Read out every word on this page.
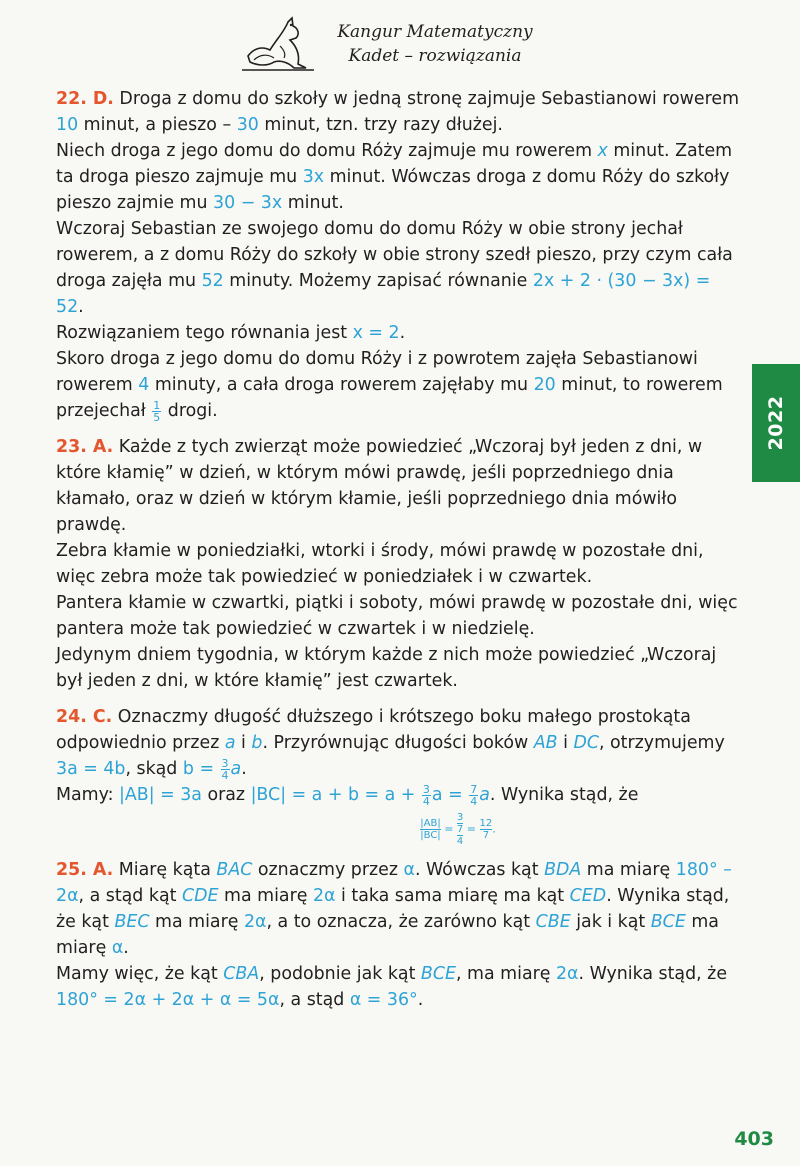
Kangur Matematyczny
Kadet – rozwiązania
2022

22. D. Droga z domu do szkoły w jedną stronę zajmuje Sebastianowi rowerem 10 minut, a pieszo – 30 minut, tzn. trzy razy dłużej.

Niech droga z jego domu do domu Róży zajmuje mu rowerem x minut. Zatem ta droga pieszo zajmuje mu 3x minut. Wówczas droga z domu Róży do szkoły pieszo zajmie mu 30 − 3x minut.

Wczoraj Sebastian ze swojego domu do domu Róży w obie strony jechał rowerem, a z domu Róży do szkoły w obie strony szedł pieszo, przy czym cała droga zajęła mu 52 minuty. Możemy zapisać równanie 2x + 2 · (30 − 3x) = 52.

Rozwiązaniem tego równania jest x = 2.

Skoro droga z jego domu do domu Róży i z powrotem zajęła Sebastianowi rowerem 4 minuty, a cała droga rowerem zajęłaby mu 20 minut, to rowerem przejechał $\frac{1}{5}$ drogi.

23. A. Każde z tych zwierząt może powiedzieć „Wczoraj był jeden z dni, w które kłamię” w dzień, w którym mówi prawdę, jeśli poprzedniego dnia kłamało, oraz w dzień w którym kłamie, jeśli poprzedniego dnia mówiło prawdę.

Zebra kłamie w poniedziałki, wtorki i środy, mówi prawdę w pozostałe dni, więc zebra może tak powiedzieć w poniedziałek i w czwartek.

Pantera kłamie w czwartki, piątki i soboty, mówi prawdę w pozostałe dni, więc pantera może tak powiedzieć w czwartek i w niedzielę.

Jedynym dniem tygodnia, w którym każde z nich może powiedzieć „Wczoraj był jeden z dni, w które kłamię” jest czwartek.

24. C. Oznaczmy długość dłuższego i krótszego boku małego prostokąta odpowiednio przez a i b. Przyrównując długości boków AB i DC, otrzymujemy 3a = 4b, skąd $b = \frac{3}{4} a$.

Mamy: |AB| = 3a oraz $|BC| = a + b = a + \frac{3}{4}$ $a = \frac{7}{4} a$. Wynika stąd, że

$\frac{|AB|}{|BC|} = 3$
7
$4 = \frac{12}{7}$ .

25. A. Miarę kąta BAC oznaczmy przez α. Wówczas kąt BDA ma miarę 180° – 2α, a stąd kąt CDE ma miarę 2α i taka sama miarę ma kąt CED. Wynika stąd, że kąt BEC ma miarę 2α, a to oznacza, że zarówno kąt CBE jak i kąt BCE ma miarę α.

Mamy więc, że kąt CBA, podobnie jak kąt BCE, ma miarę 2α. Wynika stąd, że 180° = 2α + 2α + α = 5α, a stąd α = 36°.

403
